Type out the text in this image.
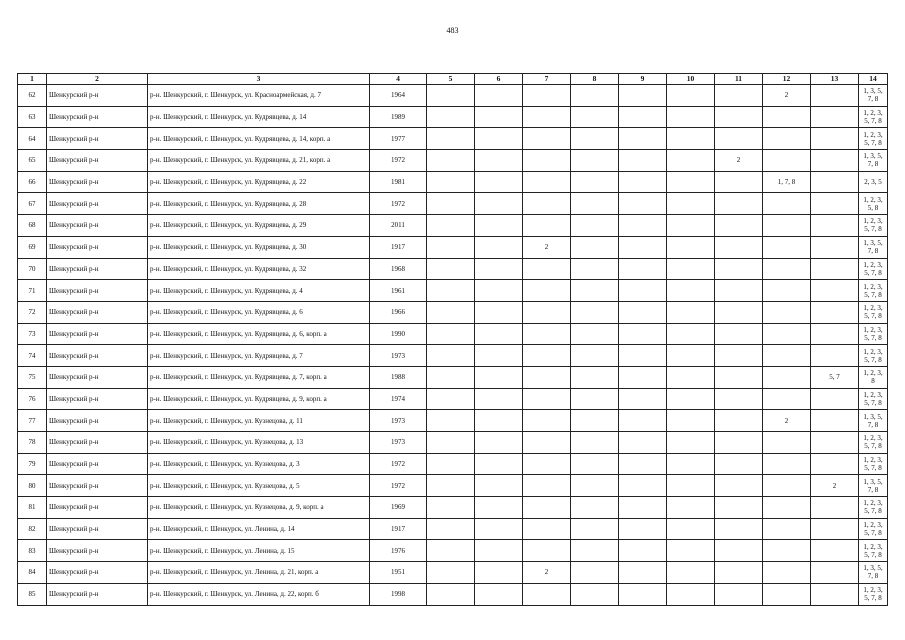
483
1	2	3	4	5	6	7	8	9	10	11	12	13	14
62	Шенкурский р-н	р-н. Шенкурский, г. Шенкурск, ул. Красноармейская, д. 7	1964								2		1, 3, 5, 7, 8
63	Шенкурский р-н	р-н. Шенкурский, г. Шенкурск, ул. Кудрявцева, д. 14	1989										1, 2, 3, 5, 7, 8
64	Шенкурский р-н	р-н. Шенкурский, г. Шенкурск, ул. Кудрявцева, д. 14, корп. а	1977										1, 2, 3, 5, 7, 8
65	Шенкурский р-н	р-н. Шенкурский, г. Шенкурск, ул. Кудрявцева, д. 21, корп. а	1972							2			1, 3, 5, 7, 8
66	Шенкурский р-н	р-н. Шенкурский, г. Шенкурск, ул. Кудрявцева, д. 22	1981								1, 7, 8		2, 3, 5
67	Шенкурский р-н	р-н. Шенкурский, г. Шенкурск, ул. Кудрявцева, д. 28	1972										1, 2, 3, 5, 8
68	Шенкурский р-н	р-н. Шенкурский, г. Шенкурск, ул. Кудрявцева, д. 29	2011										1, 2, 3, 5, 7, 8
69	Шенкурский р-н	р-н. Шенкурский, г. Шенкурск, ул. Кудрявцева, д. 30	1917			2							1, 3, 5, 7, 8
70	Шенкурский р-н	р-н. Шенкурский, г. Шенкурск, ул. Кудрявцева, д. 32	1968										1, 2, 3, 5, 7, 8
71	Шенкурский р-н	р-н. Шенкурский, г. Шенкурск, ул. Кудрявцева, д. 4	1961										1, 2, 3, 5, 7, 8
72	Шенкурский р-н	р-н. Шенкурский, г. Шенкурск, ул. Кудрявцева, д. 6	1966										1, 2, 3, 5, 7, 8
73	Шенкурский р-н	р-н. Шенкурский, г. Шенкурск, ул. Кудрявцева, д. 6, корп. а	1990										1, 2, 3, 5, 7, 8
74	Шенкурский р-н	р-н. Шенкурский, г. Шенкурск, ул. Кудрявцева, д. 7	1973										1, 2, 3, 5, 7, 8
75	Шенкурский р-н	р-н. Шенкурский, г. Шенкурск, ул. Кудрявцева, д. 7, корп. а	1988									5, 7	1, 2, 3, 8
76	Шенкурский р-н	р-н. Шенкурский, г. Шенкурск, ул. Кудрявцева, д. 9, корп. а	1974										1, 2, 3, 5, 7, 8
77	Шенкурский р-н	р-н. Шенкурский, г. Шенкурск, ул. Кузнецова, д. 11	1973								2		1, 3, 5, 7, 8
78	Шенкурский р-н	р-н. Шенкурский, г. Шенкурск, ул. Кузнецова, д. 13	1973										1, 2, 3, 5, 7, 8
79	Шенкурский р-н	р-н. Шенкурский, г. Шенкурск, ул. Кузнецова, д. 3	1972										1, 2, 3, 5, 7, 8
80	Шенкурский р-н	р-н. Шенкурский, г. Шенкурск, ул. Кузнецова, д. 5	1972									2	1, 3, 5, 7, 8
81	Шенкурский р-н	р-н. Шенкурский, г. Шенкурск, ул. Кузнецова, д. 9, корп. а	1969										1, 2, 3, 5, 7, 8
82	Шенкурский р-н	р-н. Шенкурский, г. Шенкурск, ул. Ленина, д. 14	1917										1, 2, 3, 5, 7, 8
83	Шенкурский р-н	р-н. Шенкурский, г. Шенкурск, ул. Ленина, д. 15	1976										1, 2, 3, 5, 7, 8
84	Шенкурский р-н	р-н. Шенкурский, г. Шенкурск, ул. Ленина, д. 21, корп. а	1951			2							1, 3, 5, 7, 8
85	Шенкурский р-н	р-н. Шенкурский, г. Шенкурск, ул. Ленина, д. 22, корп. б	1998										1, 2, 3, 5, 7, 8
